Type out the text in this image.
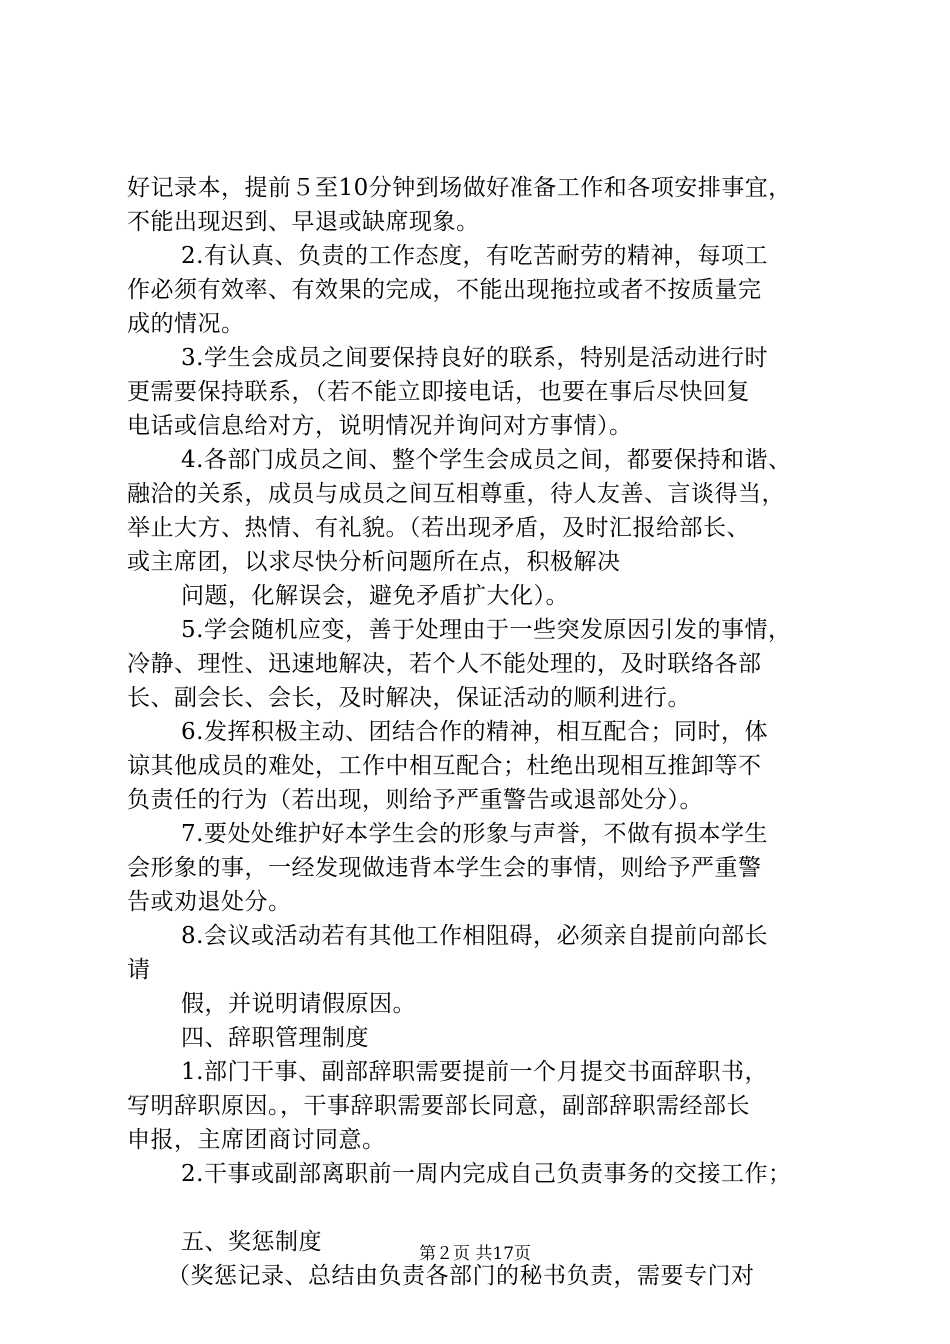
好记录本，提前５至10分钟到场做好准备工作和各项安排事宜，
不能出现迟到、早退或缺席现象。
2.有认真、负责的工作态度，有吃苦耐劳的精神，每项工
作必须有效率、有效果的完成，不能出现拖拉或者不按质量完
成的情况。
3.学生会成员之间要保持良好的联系，特别是活动进行时
更需要保持联系，（若不能立即接电话，也要在事后尽快回复
电话或信息给对方，说明情况并询问对方事情）。
4.各部门成员之间、整个学生会成员之间，都要保持和谐、
融洽的关系，成员与成员之间互相尊重，待人友善、言谈得当，
举止大方、热情、有礼貌。（若出现矛盾，及时汇报给部长、
或主席团，以求尽快分析问题所在点，积极解决
问题，化解误会，避免矛盾扩大化）。
5.学会随机应变，善于处理由于一些突发原因引发的事情，
冷静、理性、迅速地解决，若个人不能处理的，及时联络各部
长、副会长、会长，及时解决，保证活动的顺利进行。
6.发挥积极主动、团结合作的精神，相互配合；同时，体
谅其他成员的难处，工作中相互配合；杜绝出现相互推卸等不
负责任的行为（若出现，则给予严重警告或退部处分）。
7.要处处维护好本学生会的形象与声誉，不做有损本学生
会形象的事，一经发现做违背本学生会的事情，则给予严重警
告或劝退处分。
8.会议或活动若有其他工作相阻碍，必须亲自提前向部长
请
假，并说明请假原因。
四、辞职管理制度
1.部门干事、副部辞职需要提前一个月提交书面辞职书，
写明辞职原因。，干事辞职需要部长同意，副部辞职需经部长
申报，主席团商讨同意。
2.干事或副部离职前一周内完成自己负责事务的交接工作；
五、奖惩制度
（奖惩记录、总结由负责各部门的秘书负责，需要专门对
第２页 共17页
